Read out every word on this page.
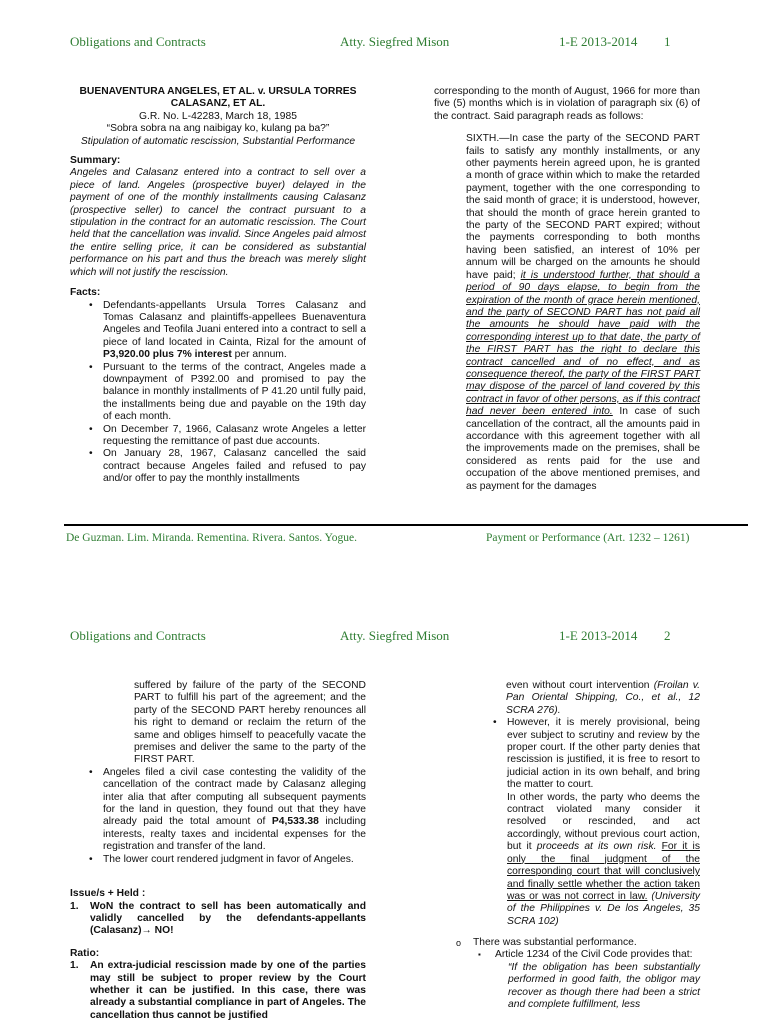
Obligations and Contracts	Atty. Siegfred Mison	1-E 2013-2014 1

BUENAVENTURA ANGELES, ET AL. v. URSULA TORRES CALASANZ, ET AL.

G.R. No. L-42283, March 18, 1985

“Sobra sobra na ang naibigay ko, kulang pa ba?”

Stipulation of automatic rescission, Substantial Performance

Summary:

Angeles and Calasanz entered into a contract to sell over a piece of land. Angeles (prospective buyer) delayed in the payment of one of the monthly installments causing Calasanz (prospective seller) to cancel the contract pursuant to a stipulation in the contract for an automatic rescission. The Court held that the cancellation was invalid. Since Angeles paid almost the entire selling price, it can be considered as substantial performance on his part and thus the breach was merely slight which will not justify the rescission.

Facts:

• Defendants-appellants Ursula Torres Calasanz and Tomas Calasanz and plaintiffs-appellees Buenaventura Angeles and Teofila Juani entered into a contract to sell a piece of land located in Cainta, Rizal for the amount of P3,920.00 plus 7% interest per annum.
• Pursuant to the terms of the contract, Angeles made a downpayment of P392.00 and promised to pay the balance in monthly installments of P 41.20 until fully paid, the installments being due and payable on the 19th day of each month.
• On December 7, 1966, Calasanz wrote Angeles a letter requesting the remittance of past due accounts.
• On January 28, 1967, Calasanz cancelled the said contract because Angeles failed and refused to pay and/or offer to pay the monthly installments

corresponding to the month of August, 1966 for more than five (5) months which is in violation of paragraph six (6) of the contract. Said paragraph reads as follows:

SIXTH.—In case the party of the SECOND PART fails to satisfy any monthly installments, or any other payments herein agreed upon, he is granted a month of grace within which to make the retarded payment, together with the one corresponding to the said month of grace; it is understood, however, that should the month of grace herein granted to the party of the SECOND PART expired; without the payments corresponding to both months having been satisfied, an interest of 10% per annum will be charged on the amounts he should have paid; it is understood further, that should a period of 90 days elapse, to begin from the expiration of the month of grace herein mentioned, and the party of SECOND PART has not paid all the amounts he should have paid with the corresponding interest up to that date, the party of the FIRST PART has the right to declare this contract cancelled and of no effect, and as consequence thereof, the party of the FIRST PART may dispose of the parcel of land covered by this contract in favor of other persons, as if this contract had never been entered into. In case of such cancellation of the contract, all the amounts paid in accordance with this agreement together with all the improvements made on the premises, shall be considered as rents paid for the use and occupation of the above mentioned premises, and as payment for the damages

De Guzman. Lim. Miranda. Rementina. Rivera. Santos. Yogue.	Payment or Performance (Art. 1232 – 1261)
Obligations and Contracts	Atty. Siegfred Mison	1-E 2013-2014 2

suffered by failure of the party of the SECOND PART to fulfill his part of the agreement; and the party of the SECOND PART hereby renounces all his right to demand or reclaim the return of the same and obliges himself to peacefully vacate the premises and deliver the same to the party of the FIRST PART.

• Angeles filed a civil case contesting the validity of the cancellation of the contract made by Calasanz alleging inter alia that after computing all subsequent payments for the land in question, they found out that they have already paid the total amount of P4,533.38 including interests, realty taxes and incidental expenses for the registration and transfer of the land.
• The lower court rendered judgment in favor of Angeles.

Issue/s + Held :

1. WoN the contract to sell has been automatically and validly cancelled by the defendants-appellants (Calasanz)→ NO!

Ratio:

1. An extra-judicial rescission made by one of the parties may still be subject to proper review by the Court whether it can be justified. In this case, there was already a substantial compliance in part of Angeles. The cancellation thus cannot be justified

even without court intervention (Froilan v. Pan Oriental Shipping, Co., et al., 12 SCRA 276).

• However, it is merely provisional, being ever subject to scrutiny and review by the proper court. If the other party denies that rescission is justified, it is free to resort to judicial action in its own behalf, and bring the matter to court.

In other words, the party who deems the contract violated many consider it resolved or rescinded, and act accordingly, without previous court action, but it proceeds at its own risk. For it is only the final judgment of the corresponding court that will conclusively and finally settle whether the action taken was or was not correct in law. (University of the Philippines v. De los Angeles, 35 SCRA 102)

o There was substantial performance.

▪ Article 1234 of the Civil Code provides that:

“If the obligation has been substantially performed in good faith, the obligor may recover as though there had been a strict and complete fulfillment, less
